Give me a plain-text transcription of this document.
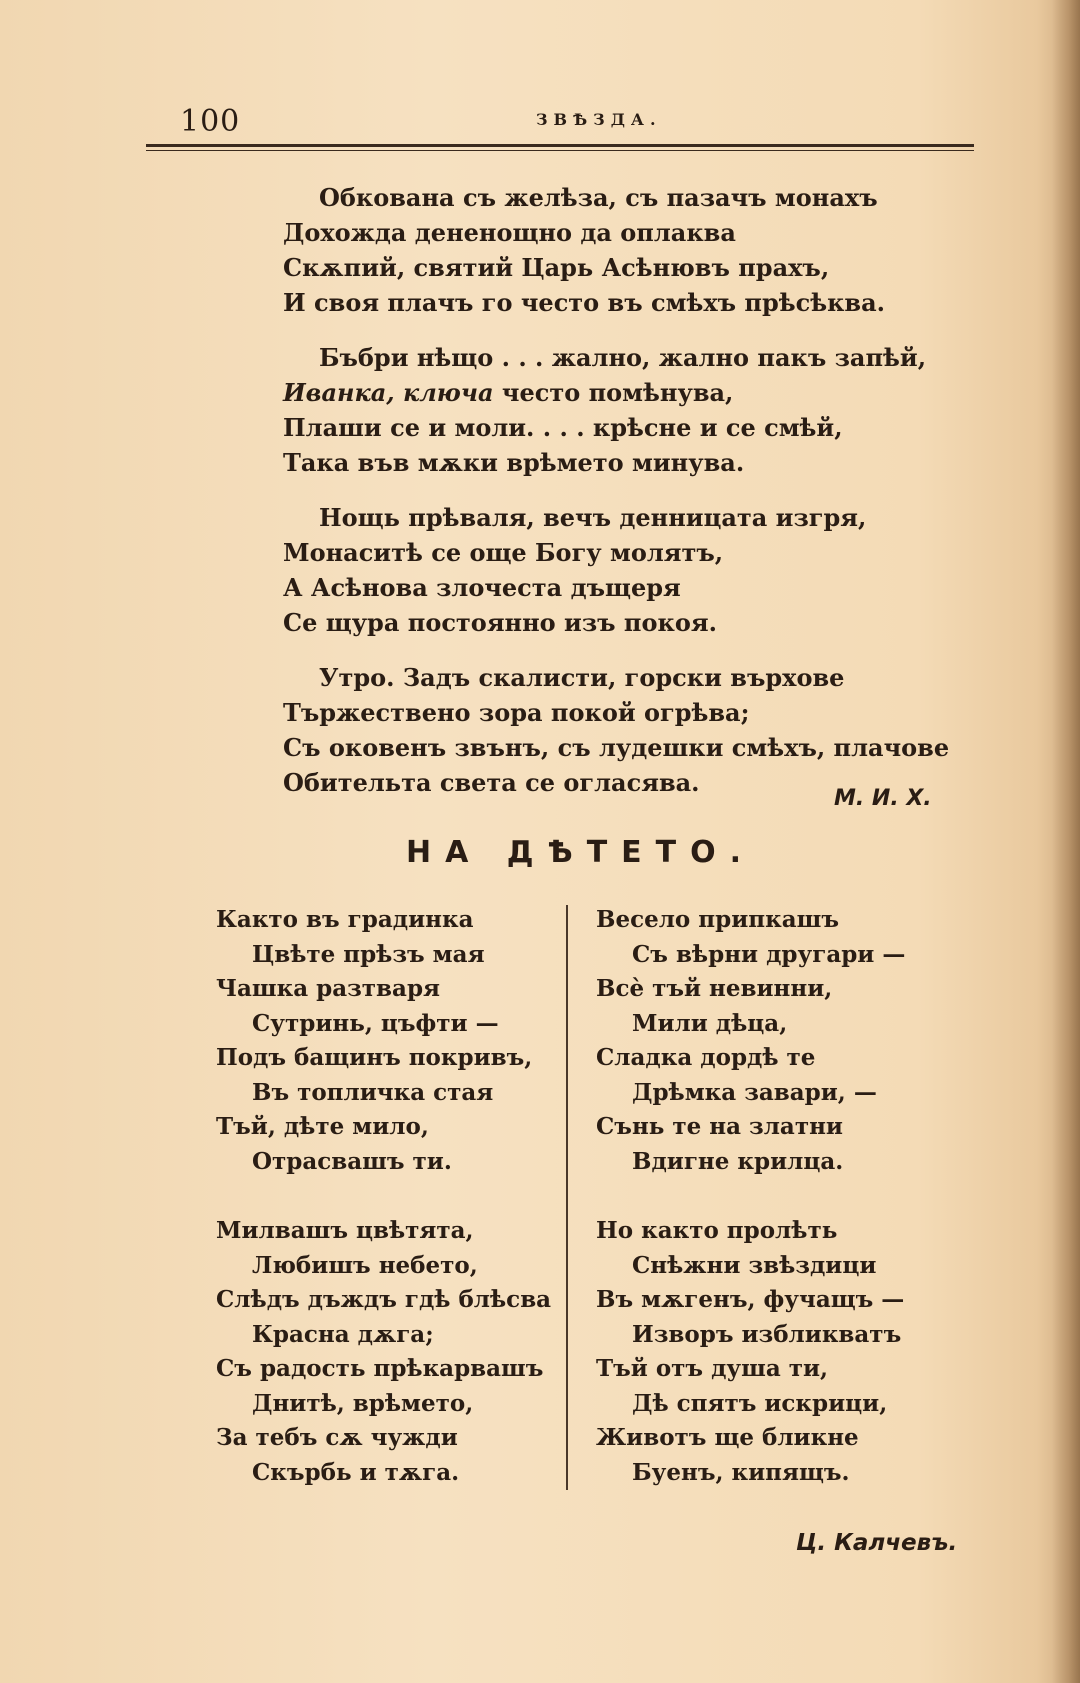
100	ЗВѢЗДА.
Обкована съ желѣза, съ пазачъ монахъ
Дохожда дененощно да оплаква
Скѫпий, святий Царь Асѣнювъ прахъ,
И своя плачъ го често въ смѣхъ прѣсѣква.
Бъбри нѣщо . . . жално, жално пакъ запѣй,
Иванка, ключа често помѣнува,
Плаши се и моли. . . . крѣсне и се смѣй,
Така във мѫки врѣмето минува.
Нощь прѣваля, вечъ денницата изгря,
Монаситѣ се още Богу молятъ,
А Асѣнова злочеста дъщеря
Се щура постоянно изъ покоя.
Утро. Задъ скалисти, горски върхове
Тържествено зора покой огрѣва;
Съ оковенъ звънъ, съ лудешки смѣхъ, плачове
Обительта света се огласява.
М. И. Х.
НА ДѢТЕТО.
Както въ градинка
Цвѣте прѣзъ мая
Чашка разтваря
Сутринь, цъфти —
Подъ бащинъ покривъ,
Въ топличка стая
Тъй, дѣте мило,
Отрасвашъ ти.
Милвашъ цвѣтята,
Любишъ небето,
Слѣдъ дъждъ гдѣ блѣсва
Красна дѫга;
Съ радость прѣкарвашъ
Днитѣ, врѣмето,
За тебъ сѫ чужди
Скърбь и тѫга.
Весело припкашъ
Съ вѣрни другари —
Всѐ тъй невинни,
Мили дѣца,
Сладка дордѣ те
Дрѣмка завари, —
Сънь те на златни
Вдигне крилца.
Но както пролѣть
Снѣжни звѣздици
Въ мѫгенъ, фучащъ —
Изворъ избликватъ
Тъй отъ душа ти,
Дѣ спятъ искрици,
Животъ ще бликне
Буенъ, кипящъ.
Ц. Калчевъ.
